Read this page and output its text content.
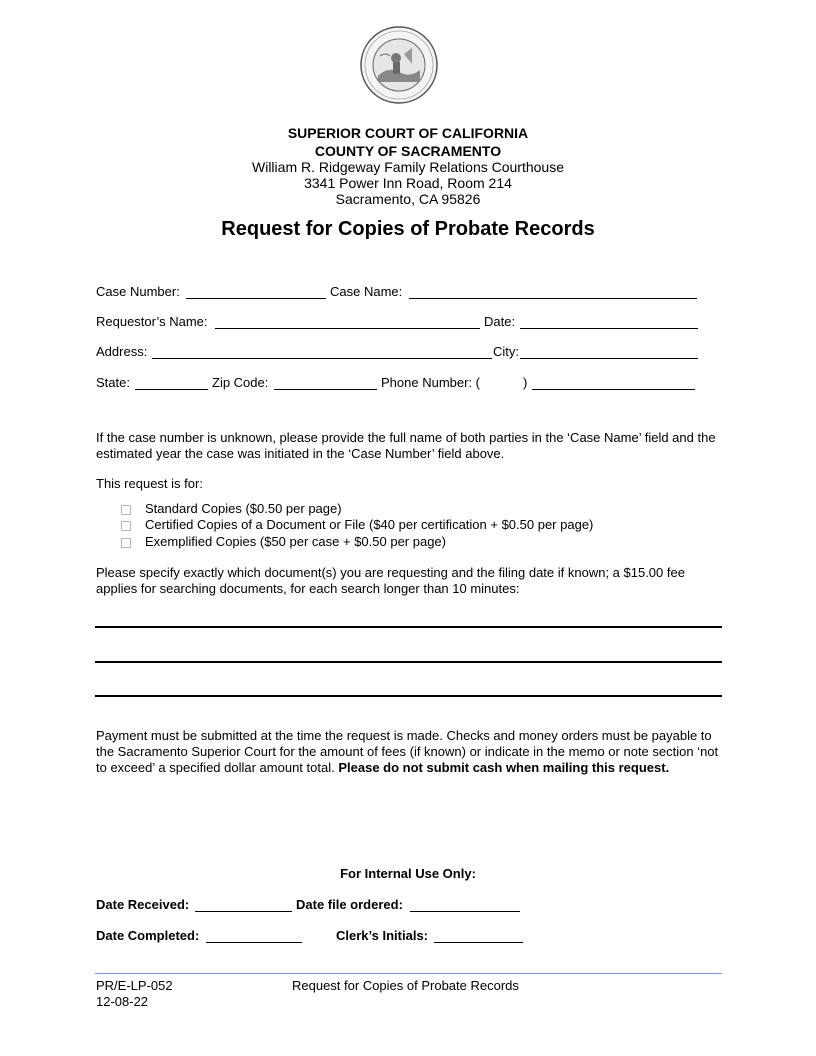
SUPERIOR COURT OF CALIFORNIA
COUNTY OF SACRAMENTO
William R. Ridgeway Family Relations Courthouse
3341 Power Inn Road, Room 214
Sacramento, CA 95826
Request for Copies of Probate Records
Case Number:	Case Name:
Requestor’s Name:	Date:
Address:	City:
State:	Zip Code:	Phone Number: (	)
If the case number is unknown, please provide the full name of both parties in the ‘Case Name’ field and the estimated year the case was initiated in the ‘Case Number’ field above.
This request is for:
Standard Copies ($0.50 per page)
Certified Copies of a Document or File ($40 per certification + $0.50 per page)
Exemplified Copies ($50 per case + $0.50 per page)
Please specify exactly which document(s) you are requesting and the filing date if known; a $15.00 fee applies for searching documents, for each search longer than 10 minutes:
Payment must be submitted at the time the request is made. Checks and money orders must be payable to the Sacramento Superior Court for the amount of fees (if known) or indicate in the memo or note section ‘not to exceed’ a specified dollar amount total. Please do not submit cash when mailing this request.
For Internal Use Only:
Date Received:	Date file ordered:
Date Completed:	Clerk’s Initials:
PR/E-LP-052
12-08-22
Request for Copies of Probate Records
